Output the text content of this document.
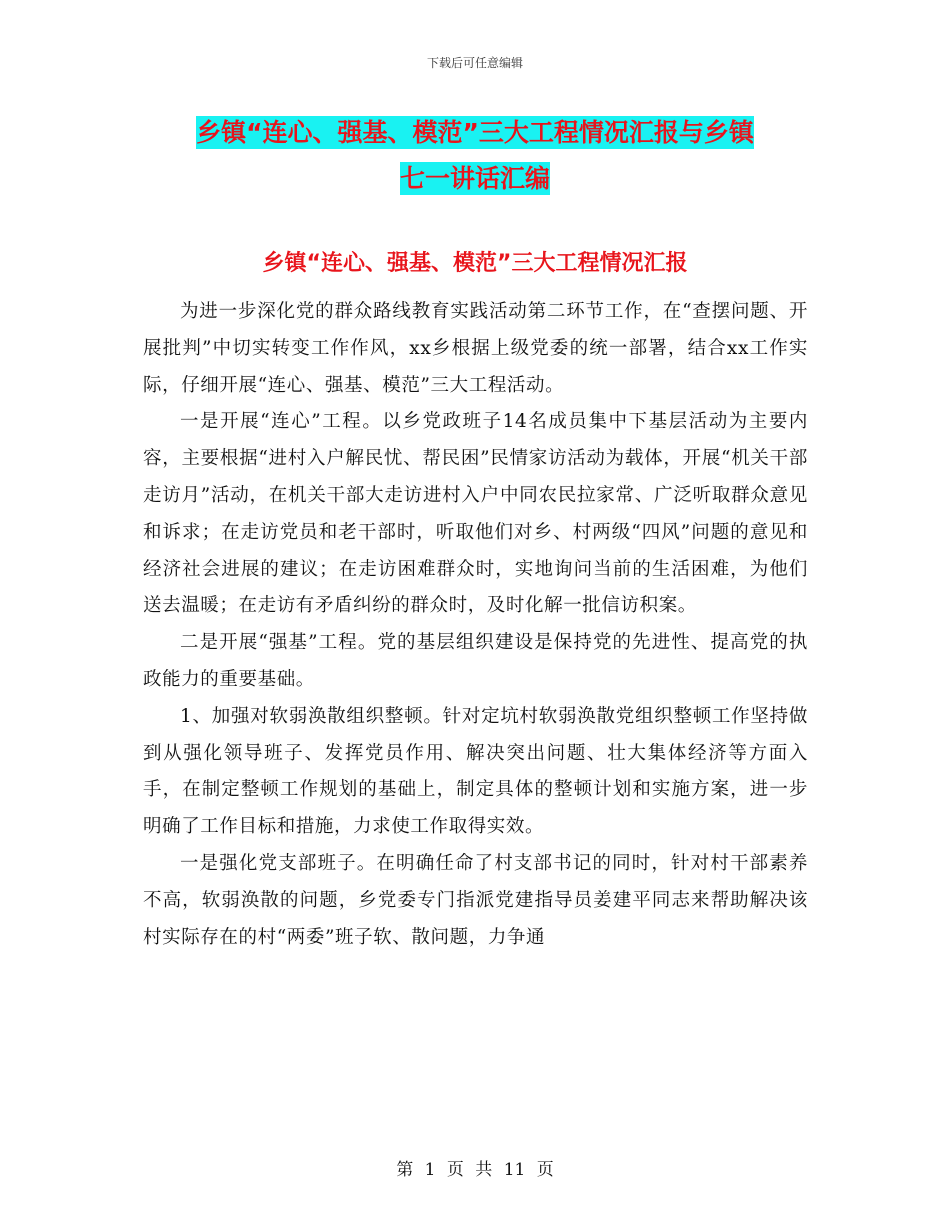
下载后可任意编辑
乡镇“连心、强基、模范”三大工程情况汇报与乡镇
七一讲话汇编
乡镇“连心、强基、模范”三大工程情况汇报

为进一步深化党的群众路线教育实践活动第二环节工作，在“查摆问题、开展批判”中切实转变工作作风，xx乡根据上级党委的统一部署，结合xx工作实际，仔细开展“连心、强基、模范”三大工程活动。

一是开展“连心”工程。以乡党政班子14名成员集中下基层活动为主要内容，主要根据“进村入户解民忧、帮民困”民情家访活动为载体，开展“机关干部走访月”活动，在机关干部大走访进村入户中同农民拉家常、广泛听取群众意见和诉求；在走访党员和老干部时，听取他们对乡、村两级“四风”问题的意见和经济社会进展的建议；在走访困难群众时，实地询问当前的生活困难，为他们送去温暖；在走访有矛盾纠纷的群众时，及时化解一批信访积案。

二是开展“强基”工程。党的基层组织建设是保持党的先进性、提高党的执政能力的重要基础。

1、加强对软弱涣散组织整顿。针对定坑村软弱涣散党组织整顿工作坚持做到从强化领导班子、发挥党员作用、解决突出问题、壮大集体经济等方面入手，在制定整顿工作规划的基础上，制定具体的整顿计划和实施方案，进一步明确了工作目标和措施，力求使工作取得实效。

一是强化党支部班子。在明确任命了村支部书记的同时，针对村干部素养不高，软弱涣散的问题，乡党委专门指派党建指导员姜建平同志来帮助解决该村实际存在的村“两委”班子软、散问题，力争通

第 1 页 共 11 页
